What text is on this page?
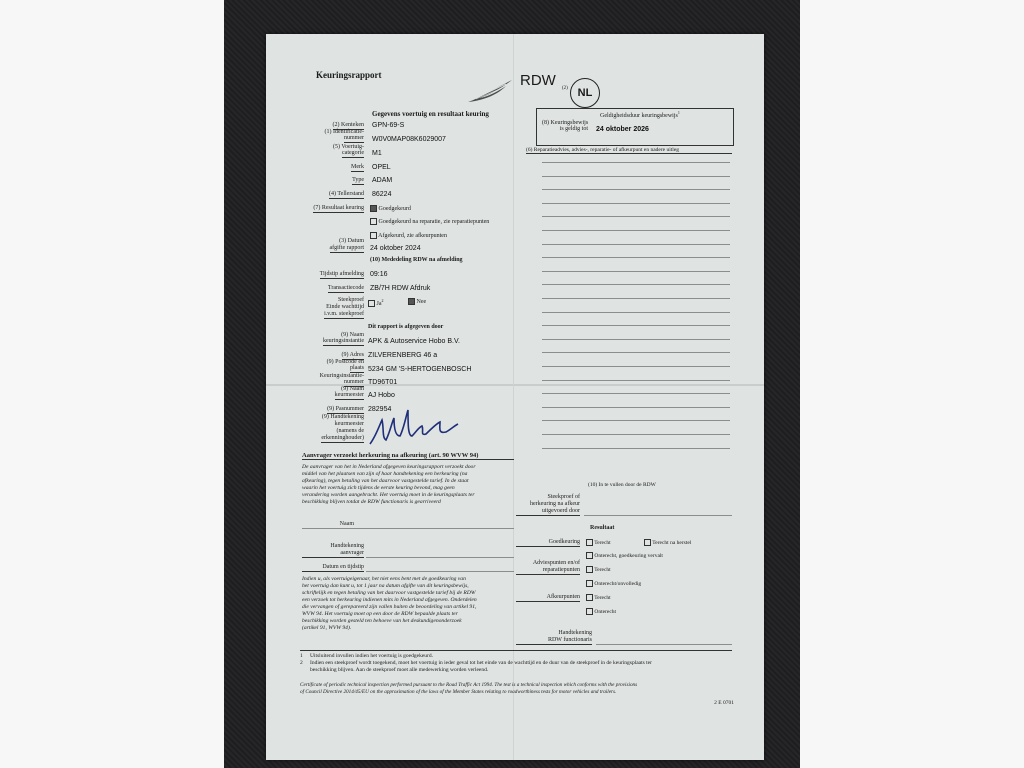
Keuringsrapport	RDW (2) NL
Gegevens voertuig en resultaat keuring
(2) Kenteken GPN-69-S
(1) Identificatie-
nummer W0V0MAP08K6029007
(5) Voertuig-
categorie M1
Merk OPEL
Type ADAM
(4) Tellerstand 86224
(7) Resultaat keuring	Goedgekeurd
Goedgekeurd na reparatie, zie reparatiepunten
Afgekeurd, zie afkeurpunten
(3) Datum
afgifte rapport 24 oktober 2024
(10) Mededeling RDW na afmelding
Tijdstip afmelding 09:16
Transactiecode ZB/7H RDW Afdruk
Steekproef
Einde wachttijd
i.v.m. steekproef
Ja$^2$	Nee
Dit rapport is afgegeven door
(9) Naam
keuringsinstantie APK & Autoservice Hobo B.V.
(9) Adres ZILVERENBERG 46 a
(9) Postcode en
plaats 5234 GM 'S-HERTOGENBOSCH
Keuringsinstantie-
nummer TD96T01
(9) Naam
keurmeester AJ Hobo
(9) Pasnummer 282954
(9) Handtekening
keurmeester
(namens de
erkenninghouder)
Geldigheidsduur keuringsbewijs$^1$
(8) Keuringsbewijs
is geldig tot 24 oktober 2026
(6) Reparatieadvies, advies-, reparatie- of afkeurpunt en nadere uitleg
Aanvrager verzoekt herkeuring na afkeuring (art. 90 WVW 94)
De aanvrager van het in Nederland afgegeven keuringsrapport verzoekt door
middel van het plaatsen van zijn of haar handtekening een herkeuring (na
afkeuring), tegen betaling van het daarvoor vastgestelde tarief. In de staat
waarin het voertuig zich tijdens de eerste keuring bevond, mag geen
verandering worden aangebracht. Het voertuig moet in de keuringsplaats ter
beschikking blijven totdat de RDW functionaris is gearriveerd
Naam
Handtekening
aanvrager
Datum en tijdstip
Indien u, als voertuigeigenaar, het niet eens bent met de goedkeuring van
het voertuig dan kunt u, tot 1 jaar na datum afgifte van dit keuringsbewijs,
schriftelijk en tegen betaling van het daarvoor vastgestelde tarief bij de RDW
een verzoek tot herkeuring indienen mits in Nederland afgegeven. Onderdelen
die vervangen of gerepareerd zijn vallen buiten de beoordeling van artikel 91,
WVW 94. Het voertuig moet op een door de RDW bepaalde plaats ter
beschikking worden gesteld ten behoeve van het deskundigenonderzoek
(artikel 91, WVW 94).
(10) In te vullen door de RDW
Steekproef of
herkeuring na afkeur
uitgevoerd door
Resultaat
Goedkeuring	Terecht	Terecht na herstel
Onterecht, goedkeuring vervalt
Adviespunten en/of
reparatiepunten	Terecht
Onterecht/onvolledig
Afkeurpunten	Terecht
Onterecht
Handtekening
RDW functionaris
1 Uitsluitend invullen indien het voertuig is goedgekeurd.
2 Indien een steekproef wordt toegekend, moet het voertuig in ieder geval tot het einde van de wachttijd en de duur van de steekproef in de keuringsplaats ter
beschikking blijven. Aan de steekproef moet alle medewerking worden verleend.
Certificate of periodic technical inspection performed pursuant to the Road Traffic Act 1994. The test is a technical inspection which conforms with the provisions
of Council Directive 2014/45/EU on the approximation of the laws of the Member States relating to roadworthiness tests for motor vehicles and trailers.
2 E 0701
